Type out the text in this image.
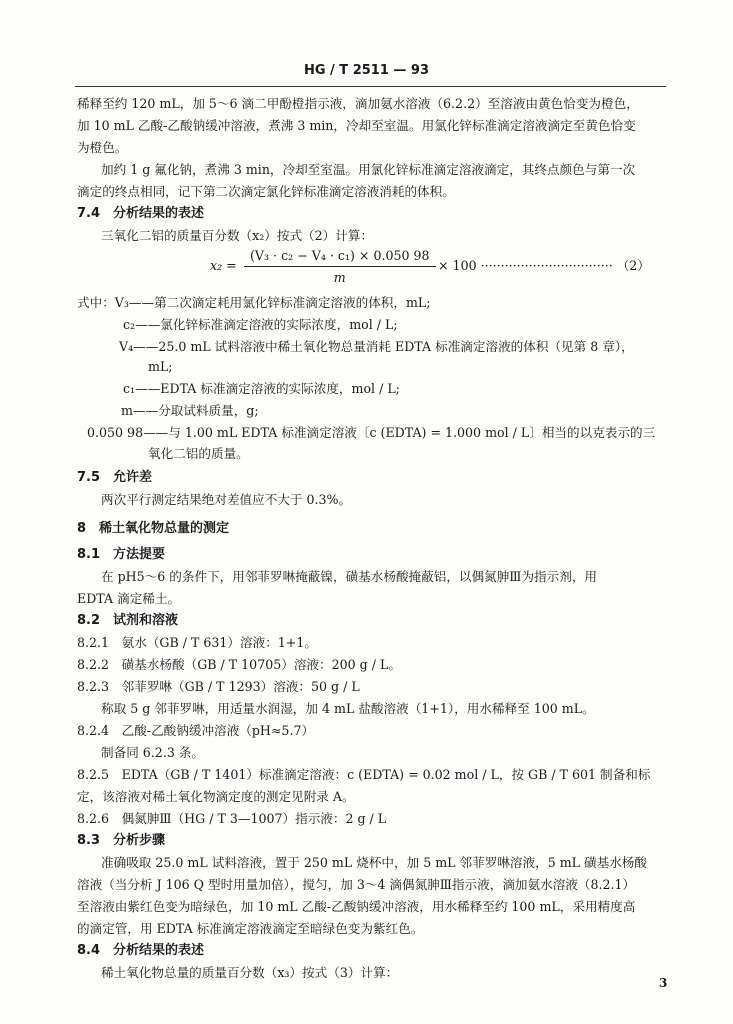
HG / T 2511 — 93
稀释至约 120 mL，加 5～6 滴二甲酚橙指示液，滴加氨水溶液（6.2.2）至溶液由黄色恰变为橙色，
加 10 mL 乙酸-乙酸钠缓冲溶液，煮沸 3 min，冷却至室温。用氯化锌标准滴定溶液滴定至黄色恰变
为橙色。
加约 1 g 氟化钠，煮沸 3 min，冷却至室温。用氯化锌标准滴定溶液滴定，其终点颜色与第一次
滴定的终点相同，记下第二次滴定氯化锌标准滴定溶液消耗的体积。
7.4　分析结果的表述
三氧化二铝的质量百分数（x₂）按式（2）计算：
x₂ =
(V₃ · c₂ − V₄ · c₁) × 0.050 98
m
× 100 ································· （2）
式中：V₃——第二次滴定耗用氯化锌标准滴定溶液的体积，mL;
c₂——氯化锌标准滴定溶液的实际浓度，mol / L;
V₄——25.0 mL 试料溶液中稀土氧化物总量消耗 EDTA 标准滴定溶液的体积（见第 8 章），
mL;
c₁——EDTA 标准滴定溶液的实际浓度，mol / L;
m——分取试料质量，g;
0.050 98——与 1.00 mL EDTA 标准滴定溶液〔c (EDTA) = 1.000 mol / L〕相当的以克表示的三
氧化二铝的质量。
7.5　允许差
两次平行测定结果绝对差值应不大于 0.3%。
8　稀土氧化物总量的测定
8.1　方法提要
在 pH5～6 的条件下，用邻菲罗啉掩蔽镍，磺基水杨酸掩蔽铝，以偶氮胂Ⅲ为指示剂，用
EDTA 滴定稀土。
8.2　试剂和溶液
8.2.1　氨水（GB / T 631）溶液：1+1。
8.2.2　磺基水杨酸（GB / T 10705）溶液：200 g / L。
8.2.3　邻菲罗啉（GB / T 1293）溶液：50 g / L
称取 5 g 邻菲罗啉，用适量水润湿，加 4 mL 盐酸溶液（1+1），用水稀释至 100 mL。
8.2.4　乙酸-乙酸钠缓冲溶液（pH≈5.7）
制备同 6.2.3 条。
8.2.5　EDTA（GB / T 1401）标准滴定溶液：c (EDTA) = 0.02 mol / L，按 GB / T 601 制备和标
定，该溶液对稀土氧化物滴定度的测定见附录 A。
8.2.6　偶氮胂Ⅲ（HG / T 3—1007）指示液：2 g / L
8.3　分析步骤
准确吸取 25.0 mL 试料溶液，置于 250 mL 烧杯中，加 5 mL 邻菲罗啉溶液，5 mL 磺基水杨酸
溶液（当分析 J 106 Q 型时用量加倍），搅匀，加 3～4 滴偶氮胂Ⅲ指示液，滴加氨水溶液（8.2.1）
至溶液由紫红色变为暗绿色，加 10 mL 乙酸-乙酸钠缓冲溶液，用水稀释至约 100 mL，采用精度高
的滴定管，用 EDTA 标准滴定溶液滴定至暗绿色变为紫红色。
8.4　分析结果的表述
稀土氧化物总量的质量百分数（x₃）按式（3）计算：
3
